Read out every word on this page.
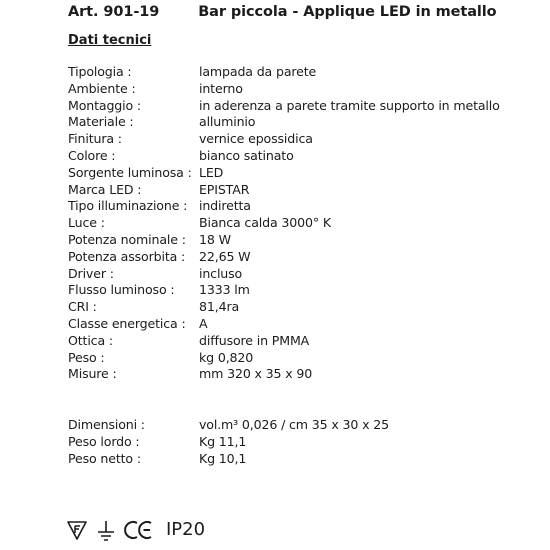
Art. 901-19	Bar piccola - Applique LED in metallo
Dati tecnici
Tipologia :	lampada da parete
Ambiente :	interno
Montaggio :	in aderenza a parete tramite supporto in metallo
Materiale :	alluminio
Finitura :	vernice epossidica
Colore :	bianco satinato
Sorgente luminosa : LED
Marca LED :	EPISTAR
Tipo illuminazione : indiretta
Luce :	Bianca calda 3000° K
Potenza nominale : 18 W
Potenza assorbita : 22,65 W
Driver :	incluso
Flusso luminoso : 1333 lm
CRI :	81,4ra
Classe energetica : A
Ottica :	diffusore in PMMA
Peso :	kg 0,820
Misure :	mm 320 x 35 x 90
Dimensioni :	vol.m³ 0,026 / cm 35 x 30 x 25
Peso lordo :	Kg 11,1
Peso netto :	Kg 10,1
IP20
